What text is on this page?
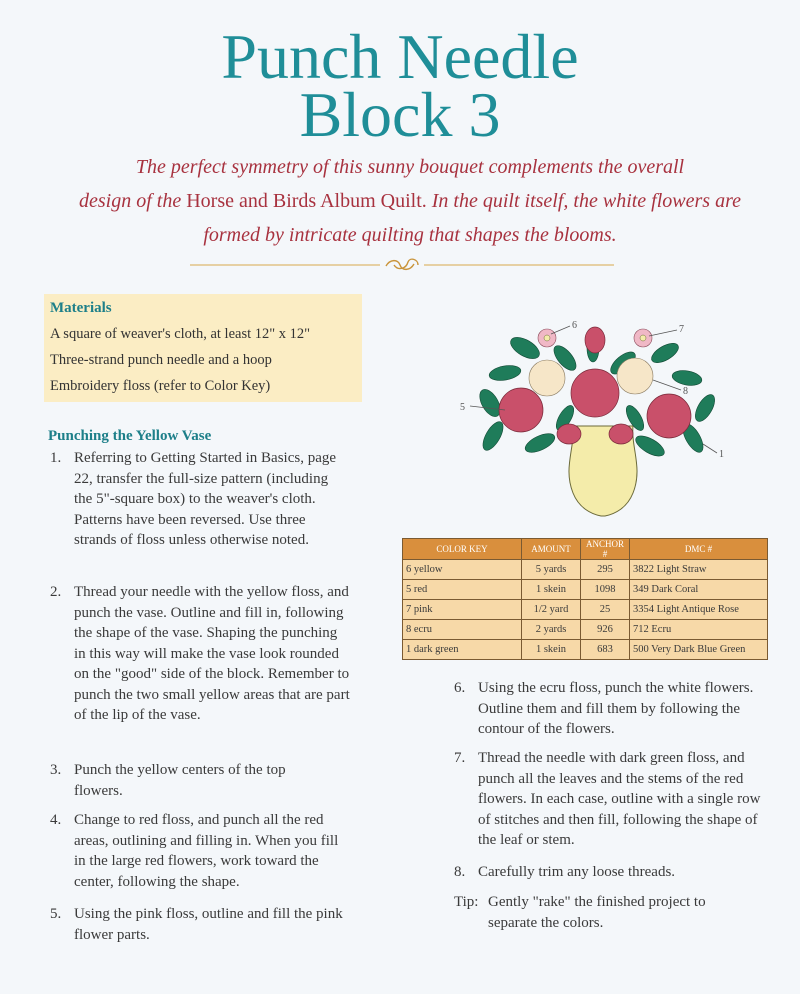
Punch Needle
Block 3
The perfect symmetry of this sunny bouquet complements the overall
design of the Horse and Birds Album Quilt. In the quilt itself, the white flowers are
formed by intricate quilting that shapes the blooms.
Materials

A square of weaver's cloth, at least 12" x 12"

Three-strand punch needle and a hoop

Embroidery floss (refer to Color Key)

Punching the Yellow Vase
1. Referring to Getting Started in Basics, page 22, transfer the full-size pattern (including the 5"-square box) to the weaver's cloth. Patterns have been reversed. Use three strands of floss unless otherwise noted.
2. Thread your needle with the yellow floss, and punch the vase. Outline and fill in, following the shape of the vase. Shaping the punching in this way will make the vase look rounded on the "good" side of the block. Remember to punch the two small yellow areas that are part of the lip of the vase.
3. Punch the yellow centers of the top flowers.
4. Change to red floss, and punch all the red areas, outlining and filling in. When you fill in the large red flowers, work toward the center, following the shape.
5. Using the pink floss, outline and fill the pink flower parts.
6. Using the ecru floss, punch the white flowers. Outline them and fill them by following the contour of the flowers.
7. Thread the needle with dark green floss, and punch all the leaves and the stems of the red flowers. In each case, outline with a single row of stitches and then fill, following the shape of the leaf or stem.
8. Carefully trim any loose threads.
Tip: Gently "rake" the finished project to separate the colors.
5
6	7
8
1
COLOR KEY	AMOUNT	ANCHOR #	DMC #
6 yellow	5 yards	295	3822 Light Straw
5 red	1 skein	1098	349 Dark Coral
7 pink	1/2 yard	25	3354 Light Antique Rose
8 ecru	2 yards	926	712 Ecru
1 dark green	1 skein	683	500 Very Dark Blue Green
